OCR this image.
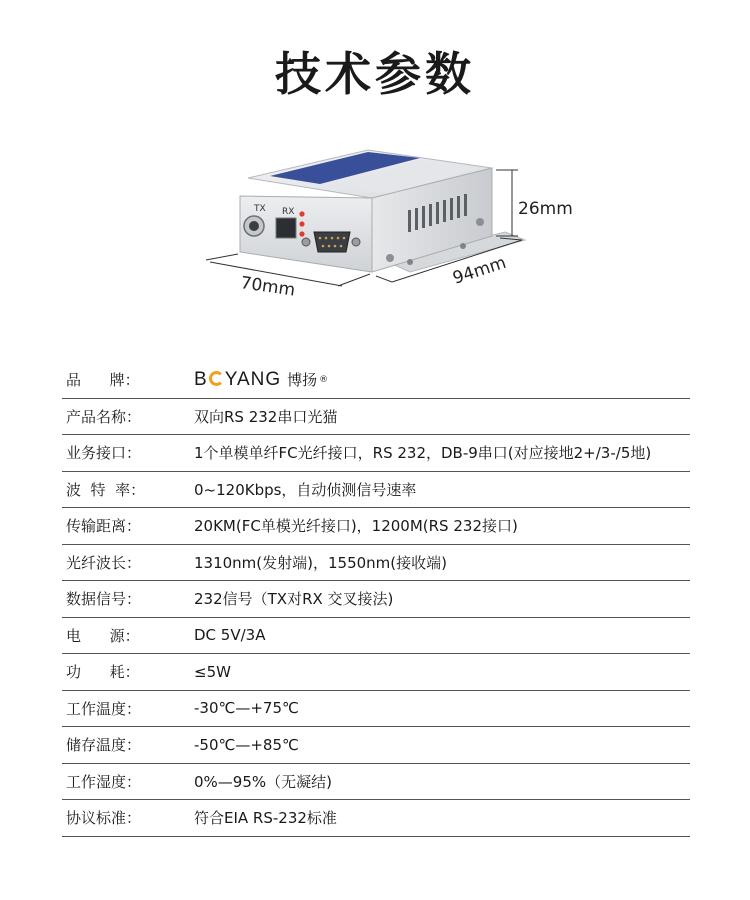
技术参数
TX RX	26mm
70mm	94mm
品      牌：	B YANG 博扬 ®
产品名称：	双向RS 232串口光猫
业务接口：	1个单模单纤FC光纤接口，RS 232，DB-9串口(对应接地2+/3-/5地)
波  特  率：	0~120Kbps，自动侦测信号速率
传输距离：	20KM(FC单模光纤接口)，1200M(RS 232接口)
光纤波长：	1310nm(发射端)，1550nm(接收端)
数据信号：	232信号（TX对RX 交叉接法)
电      源：	DC 5V/3A
功      耗：	≤5W
工作温度：	-30℃—+75℃
储存温度：	-50℃—+85℃
工作湿度：	0%—95%（无凝结)
协议标准：	符合EIA RS-232标准
